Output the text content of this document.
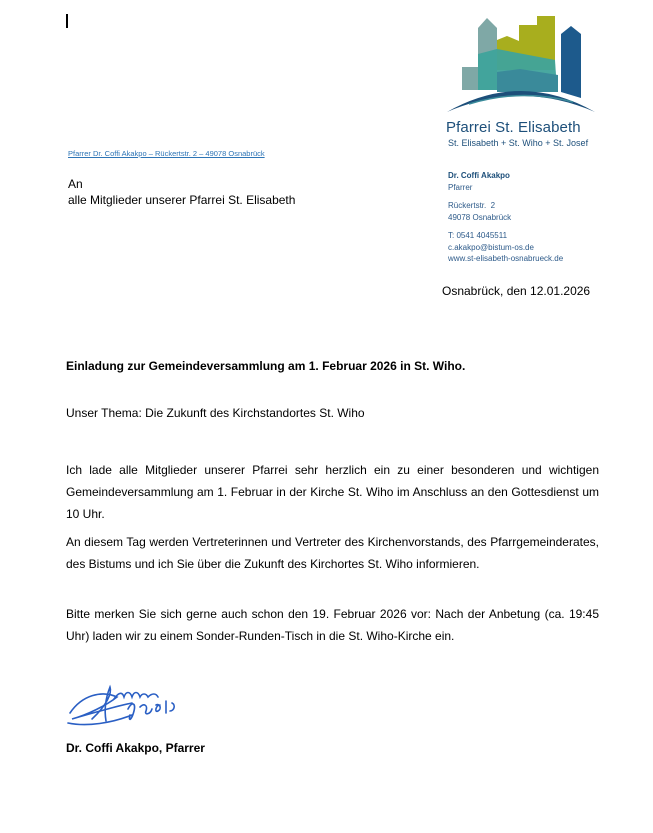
Pfarrei St. Elisabeth
St. Elisabeth + St. Wiho + St. Josef
Pfarrer Dr. Coffi Akakpo – Rückertstr. 2 – 49078 Osnabrück
An
alle Mitglieder unserer Pfarrei St. Elisabeth
Dr. Coffi Akakpo
Pfarrer
Rückertstr.  2
49078 Osnabrück
T: 0541 4045511
c.akakpo@bistum-os.de
www.st-elisabeth-osnabrueck.de
Osnabrück, den 12.01.2026
Einladung zur Gemeindeversammlung am 1. Februar 2026 in St. Wiho.
Unser Thema: Die Zukunft des Kirchstandortes St. Wiho
Ich lade alle Mitglieder unserer Pfarrei sehr herzlich ein zu einer besonderen und wichtigen Gemeindeversammlung am 1. Februar in der Kirche St. Wiho im Anschluss an den Gottesdienst um 10 Uhr.
An diesem Tag werden Vertreterinnen und Vertreter des Kirchenvorstands, des Pfarrgemeinderates, des Bistums und ich Sie über die Zukunft des Kirchortes St. Wiho informieren.
Bitte merken Sie sich gerne auch schon den 19. Februar 2026 vor: Nach der Anbetung (ca. 19:45 Uhr) laden wir zu einem Sonder-Runden-Tisch in die St. Wiho-Kirche ein.
Dr. Coffi Akakpo, Pfarrer
